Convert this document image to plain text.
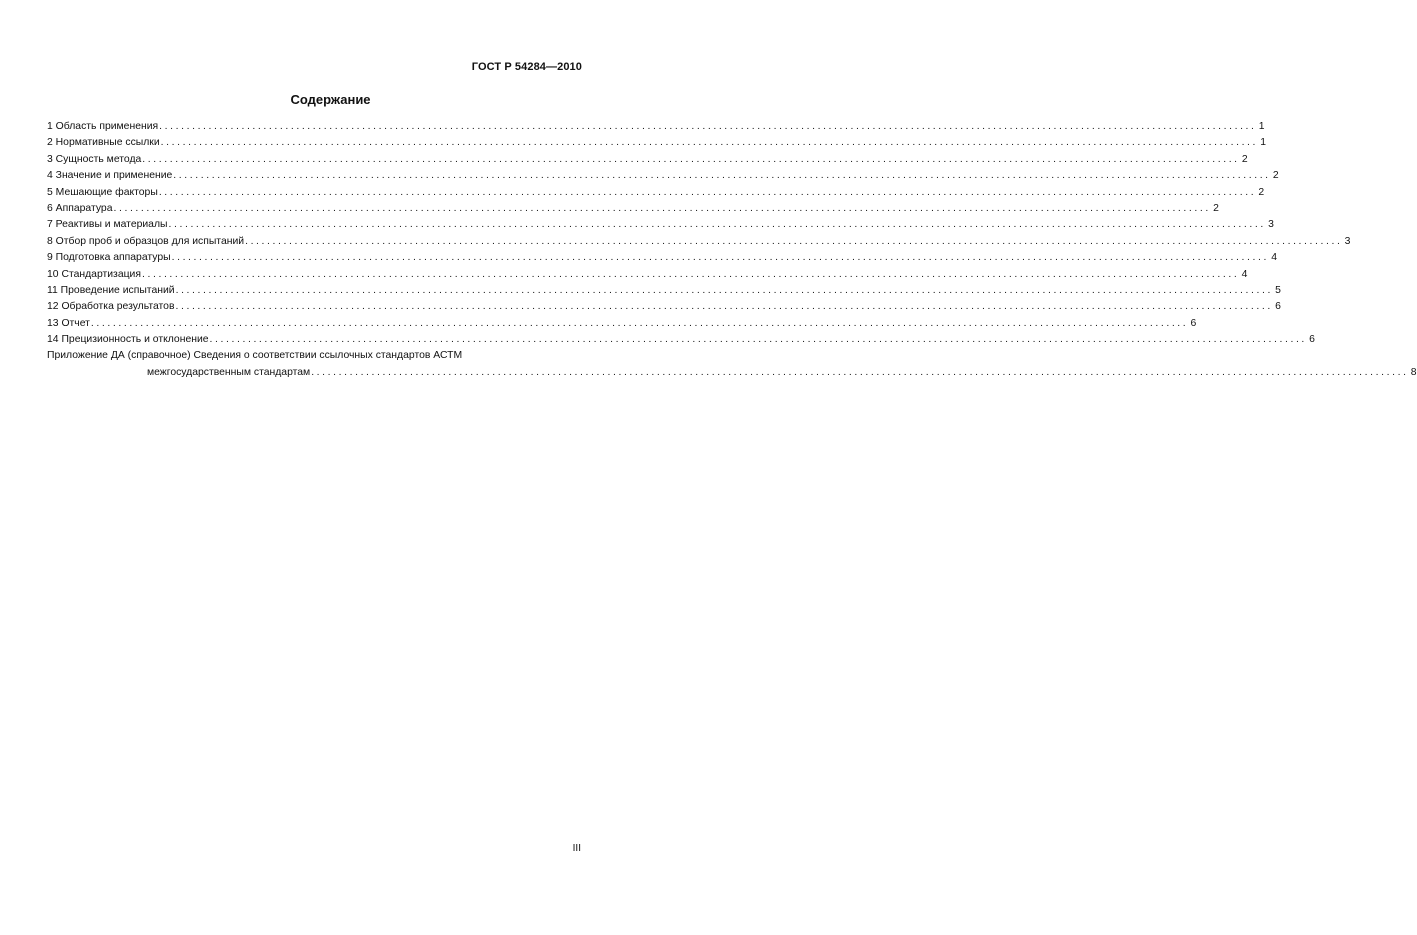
ГОСТ Р 54284—2010
Содержание
1 Область применения ........................................................................................................................................................................................................ 1
2 Нормативные ссылки ........................................................................................................................................................................................................ 1
3 Сущность метода ........................................................................................................................................................................................................ 2
4 Значение и применение ........................................................................................................................................................................................................ 2
5 Мешающие факторы ........................................................................................................................................................................................................ 2
6 Аппаратура ........................................................................................................................................................................................................ 2
7 Реактивы и материалы ........................................................................................................................................................................................................ 3
8 Отбор проб и образцов для испытаний ........................................................................................................................................................................................................ 3
9 Подготовка аппаратуры ........................................................................................................................................................................................................ 4
10 Стандартизация ........................................................................................................................................................................................................ 4
11 Проведение испытаний ........................................................................................................................................................................................................ 5
12 Обработка результатов ........................................................................................................................................................................................................ 6
13 Отчет ........................................................................................................................................................................................................ 6
14 Прецизионность и отклонение ........................................................................................................................................................................................................ 6
Приложение ДА (справочное) Сведения о соответствии ссылочных стандартов АСТМ
межгосударственным стандартам ........................................................................................................................................................................................................ 8
III
